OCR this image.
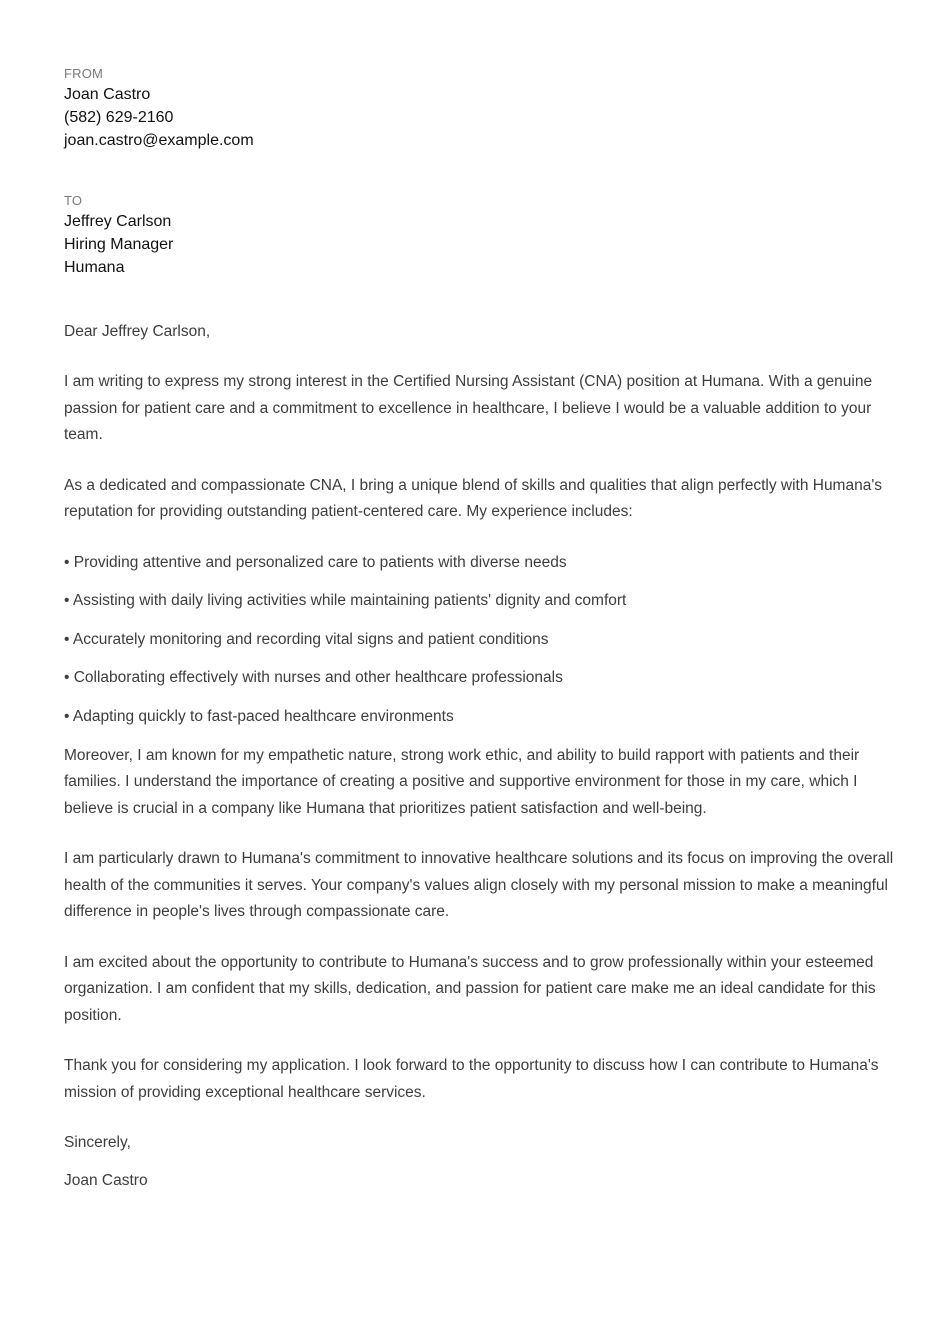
FROM
Joan Castro
(582) 629-2160
joan.castro@example.com
TO
Jeffrey Carlson
Hiring Manager
Humana

Dear Jeffrey Carlson,

I am writing to express my strong interest in the Certified Nursing Assistant (CNA) position at Humana. With a genuine passion for patient care and a commitment to excellence in healthcare, I believe I would be a valuable addition to your team.

As a dedicated and compassionate CNA, I bring a unique blend of skills and qualities that align perfectly with Humana's reputation for providing outstanding patient-centered care. My experience includes:

• Providing attentive and personalized care to patients with diverse needs
• Assisting with daily living activities while maintaining patients' dignity and comfort
• Accurately monitoring and recording vital signs and patient conditions
• Collaborating effectively with nurses and other healthcare professionals
• Adapting quickly to fast-paced healthcare environments

Moreover, I am known for my empathetic nature, strong work ethic, and ability to build rapport with patients and their families. I understand the importance of creating a positive and supportive environment for those in my care, which I believe is crucial in a company like Humana that prioritizes patient satisfaction and well-being.

I am particularly drawn to Humana's commitment to innovative healthcare solutions and its focus on improving the overall health of the communities it serves. Your company's values align closely with my personal mission to make a meaningful difference in people's lives through compassionate care.

I am excited about the opportunity to contribute to Humana's success and to grow professionally within your esteemed organization. I am confident that my skills, dedication, and passion for patient care make me an ideal candidate for this position.

Thank you for considering my application. I look forward to the opportunity to discuss how I can contribute to Humana's mission of providing exceptional healthcare services.

Sincerely,

Joan Castro
